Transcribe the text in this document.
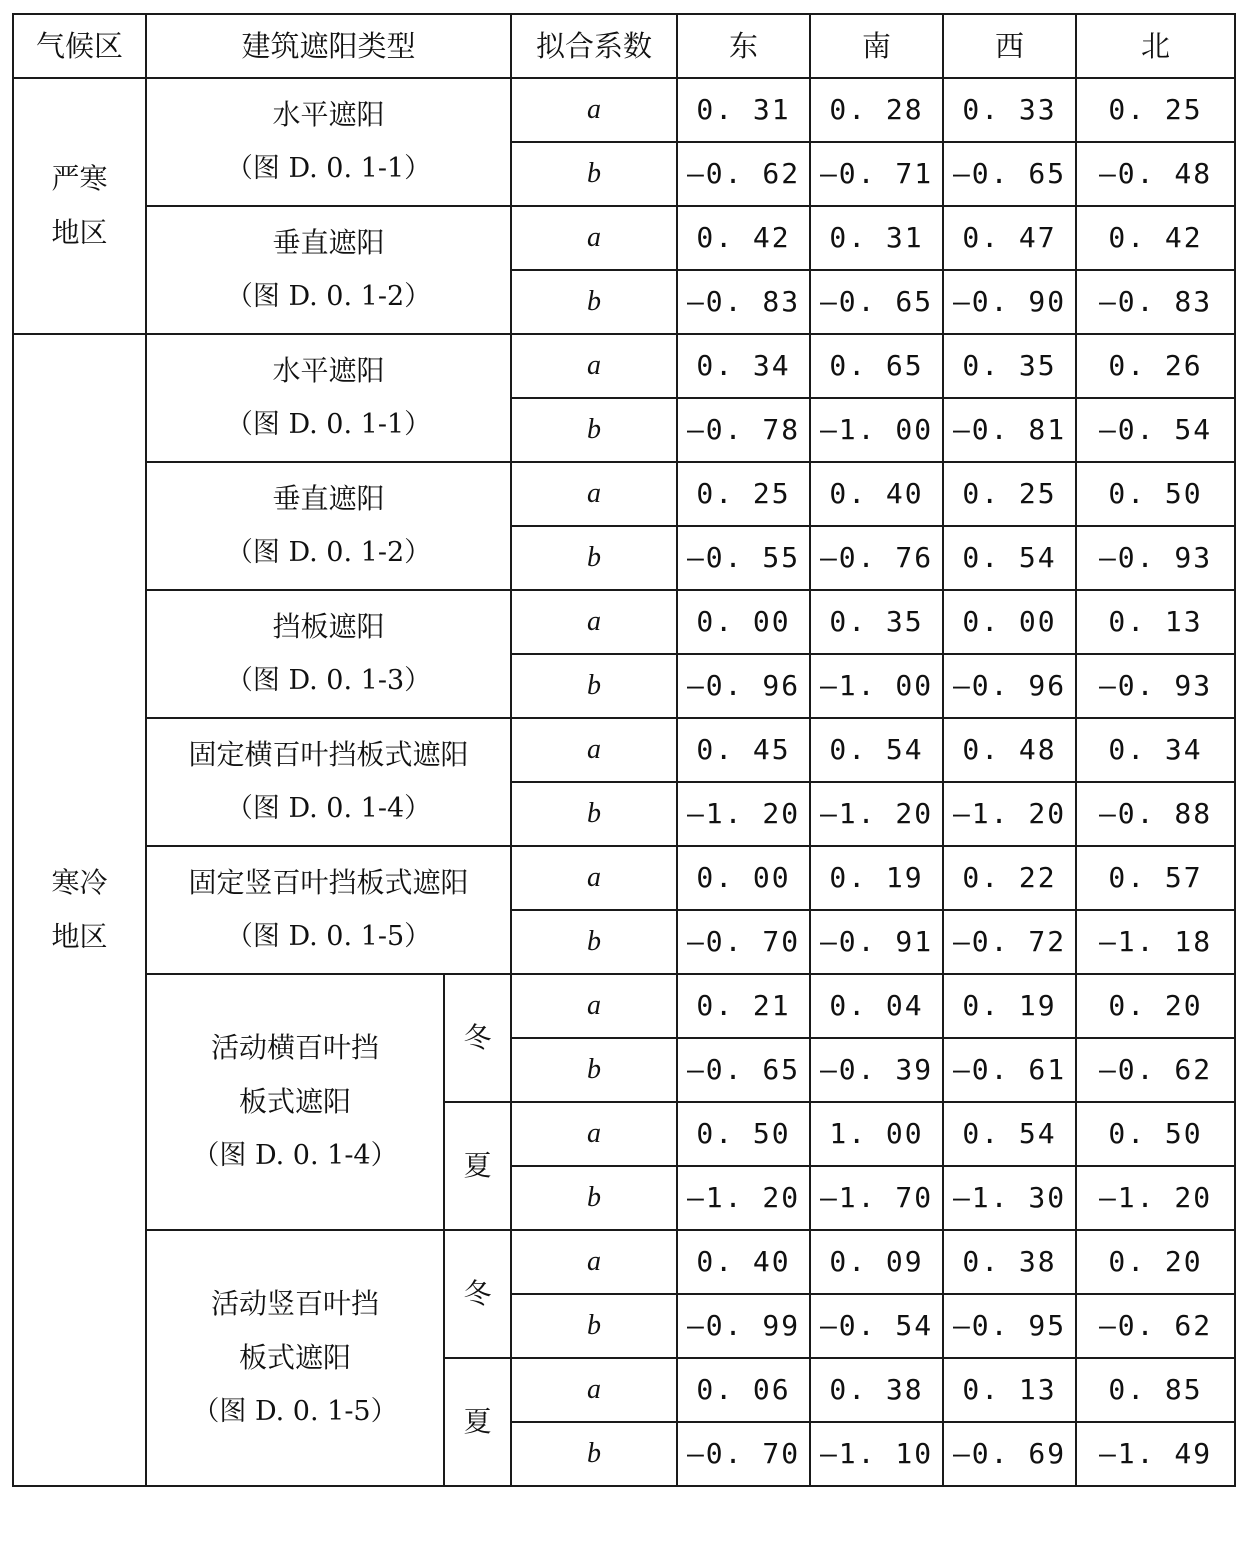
气候区	建筑遮阳类型		拟合系数	东	南	西	北

严寒
地区	水平遮阳
（图 D. 0. 1-1）		a	0. 31	0. 28	0. 33	0. 25
			b	—0. 62	—0. 71	—0. 65	—0. 48

	垂直遮阳
（图 D. 0. 1-2）		a	0. 42	0. 31	0. 47	0. 42
			b	—0. 83	—0. 65	—0. 90	—0. 83

寒冷
地区	水平遮阳
（图 D. 0. 1-1）		a	0. 34	0. 65	0. 35	0. 26
			b	—0. 78	—1. 00	—0. 81	—0. 54

	垂直遮阳
（图 D. 0. 1-2）		a	0. 25	0. 40	0. 25	0. 50
			b	—0. 55	—0. 76	0. 54	—0. 93

	挡板遮阳
（图 D. 0. 1-3）		a	0. 00	0. 35	0. 00	0. 13
			b	—0. 96	—1. 00	—0. 96	—0. 93

	固定横百叶挡板式遮阳
（图 D. 0. 1-4）		a	0. 45	0. 54	0. 48	0. 34
			b	—1. 20	—1. 20	—1. 20	—0. 88

	固定竖百叶挡板式遮阳
（图 D. 0. 1-5）		a	0. 00	0. 19	0. 22	0. 57
			b	—0. 70	—0. 91	—0. 72	—1. 18

	活动横百叶挡
板式遮阳
（图 D. 0. 1-4）	冬	a	0. 21	0. 04	0. 19	0. 20
			b	—0. 65	—0. 39	—0. 61	—0. 62
		夏	a	0. 50	1. 00	0. 54	0. 50
			b	—1. 20	—1. 70	—1. 30	—1. 20

	活动竖百叶挡
板式遮阳
（图 D. 0. 1-5）	冬	a	0. 40	0. 09	0. 38	0. 20
			b	—0. 99	—0. 54	—0. 95	—0. 62
		夏	a	0. 06	0. 38	0. 13	0. 85
			b	—0. 70	—1. 10	—0. 69	—1. 49
